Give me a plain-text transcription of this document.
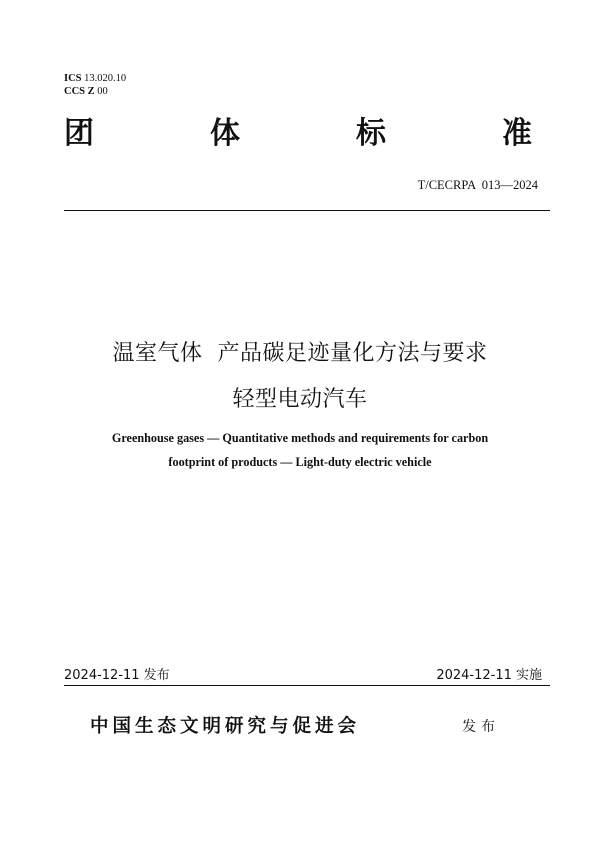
ICS 13.020.10
CCS Z 00
团	体	标	准
T/CECRPA  013—2024
温室气体  产品碳足迹量化方法与要求
轻型电动汽车
Greenhouse gases — Quantitative methods and requirements for carbon
footprint of products — Light-duty electric vehicle
2024-12-11 发布	2024-12-11 实施
中国生态文明研究与促进会	发布
